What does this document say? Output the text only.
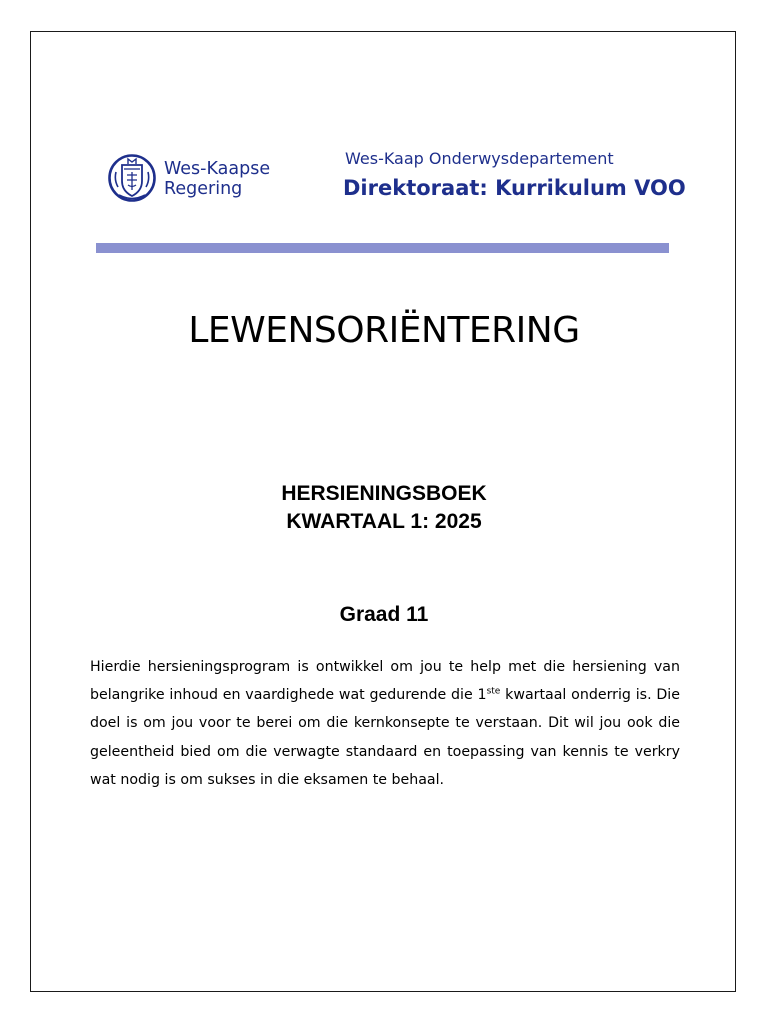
Wes-Kaapse
Regering
Wes-Kaap Onderwysdepartement
Direktoraat: Kurrikulum VOO
LEWENSORIËNTERING
HERSIENINGSBOEK
KWARTAAL 1: 2025
Graad 11

Hierdie hersieningsprogram is ontwikkel om jou te help met die hersiening van belangrike inhoud en vaardighede wat gedurende die 1ste kwartaal onderrig is. Die doel is om jou voor te berei om die kernkonsepte te verstaan. Dit wil jou ook die geleentheid bied om die verwagte standaard en toepassing van kennis te verkry wat nodig is om sukses in die eksamen te behaal.
